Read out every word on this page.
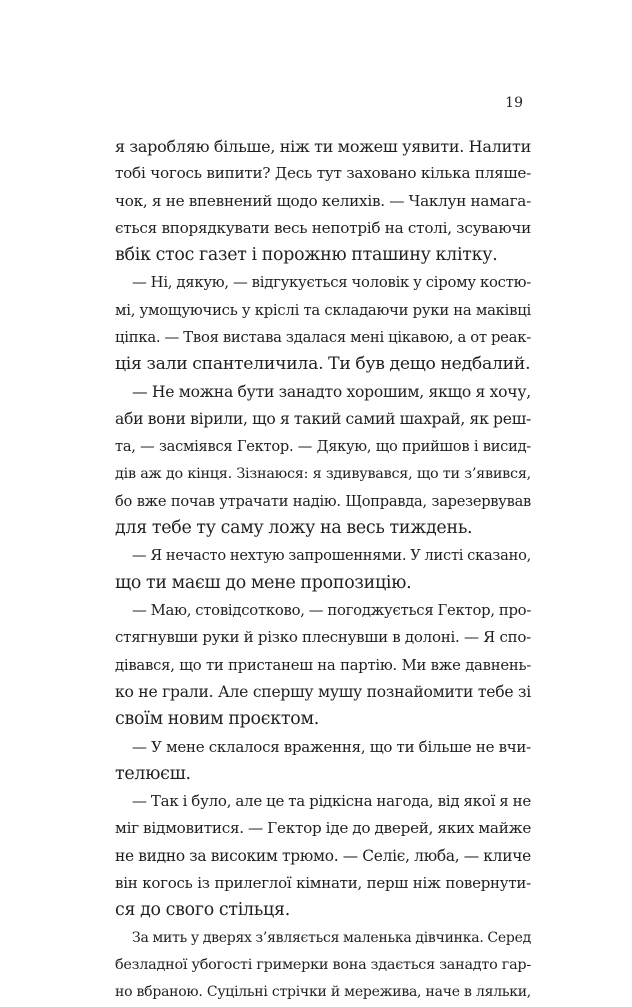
19
я заробляю більше, ніж ти можеш уявити. Налити
тобі чогось випити? Десь тут заховано кілька пляше-
чок, я не впевнений щодо келихів. — Чаклун намага-
ється впорядкувати весь непотріб на столі, зсуваючи
вбік стос газет і порожню пташину клітку.
— Ні, дякую, — відгукується чоловік у сірому костю-
мі, умощуючись у кріслі та складаючи руки на маківці
ціпка. — Твоя вистава здалася мені цікавою, а от реак-
ція зали спантеличила. Ти був дещо недбалий.
— Не можна бути занадто хорошим, якщо я хочу,
аби вони вірили, що я такий самий шахрай, як реш-
та, — засміявся Гектор. — Дякую, що прийшов і висид-
дів аж до кінця. Зізнаюся: я здивувався, що ти з’явився,
бо вже почав утрачати надію. Щоправда, зарезервував
для тебе ту саму ложу на весь тиждень.
— Я нечасто нехтую запрошеннями. У листі сказано,
що ти маєш до мене пропозицію.
— Маю, стовідсотково, — погоджується Гектор, про-
стягнувши руки й різко плеснувши в долоні. — Я спо-
дівався, що ти пристанеш на партію. Ми вже давнень-
ко не грали. Але спершу мушу познайомити тебе зі
своїм новим проєктом.
— У мене склалося враження, що ти більше не вчи-
телюєш.
— Так і було, але це та рідкісна нагода, від якої я не
міг відмовитися. — Гектор іде до дверей, яких майже
не видно за високим трюмо. — Селіє, люба, — кличе
він когось із прилеглої кімнати, перш ніж повернути-
ся до свого стільця.
За мить у дверях з’являється маленька дівчинка. Серед
безладної убогості гримерки вона здається занадто гар-
но вбраною. Суцільні стрічки й мережива, наче в ляльки,
